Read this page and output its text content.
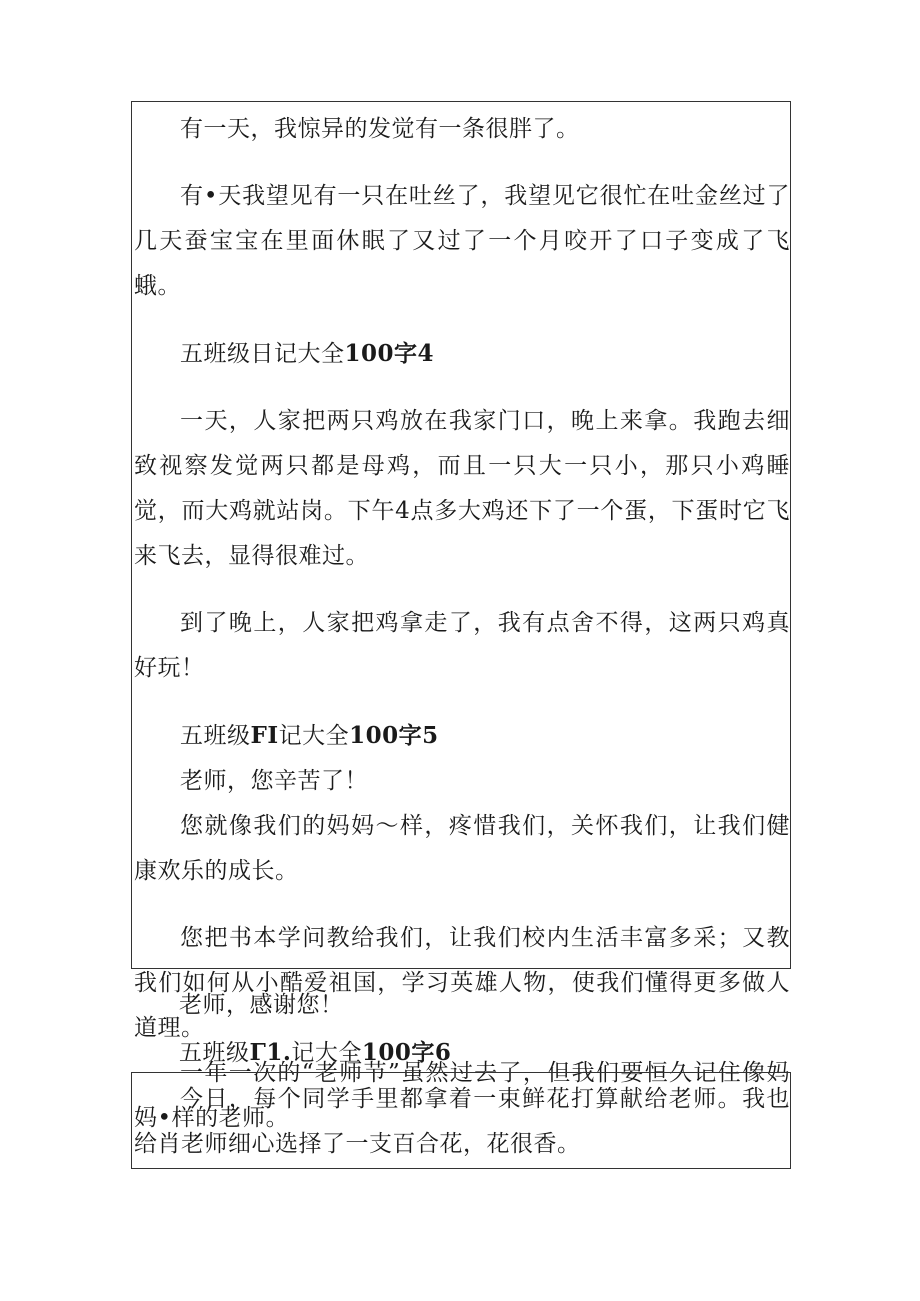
有一天，我惊异的发觉有一条很胖了。

有•天我望见有一只在吐丝了，我望见它很忙在吐金丝过了几天蚕宝宝在里面休眠了又过了一个月咬开了口子变成了飞蛾。

五班级日记大全100字4

一天，人家把两只鸡放在我家门口，晚上来拿。我跑去细致视察发觉两只都是母鸡，而且一只大一只小，那只小鸡睡觉，而大鸡就站岗。下午4点多大鸡还下了一个蛋，下蛋时它飞来飞去，显得很难过。

到了晚上，人家把鸡拿走了，我有点舍不得，这两只鸡真好玩！

五班级FI记大全100字5

老师，您辛苦了！

您就像我们的妈妈～样，疼惜我们，关怀我们，让我们健康欢乐的成长。

您把书本学问教给我们，让我们校内生活丰富多采；又教我们如何从小酷爱祖国，学习英雄人物，使我们懂得更多做人道理。

一年一次的“老师节”虽然过去了，但我们要恒久记住像妈妈•样的老师。

老师，感谢您！

五班级Γ1.记大全100字6

今日，每个同学手里都拿着一束鲜花打算献给老师。我也给肖老师细心选择了一支百合花，花很香。
